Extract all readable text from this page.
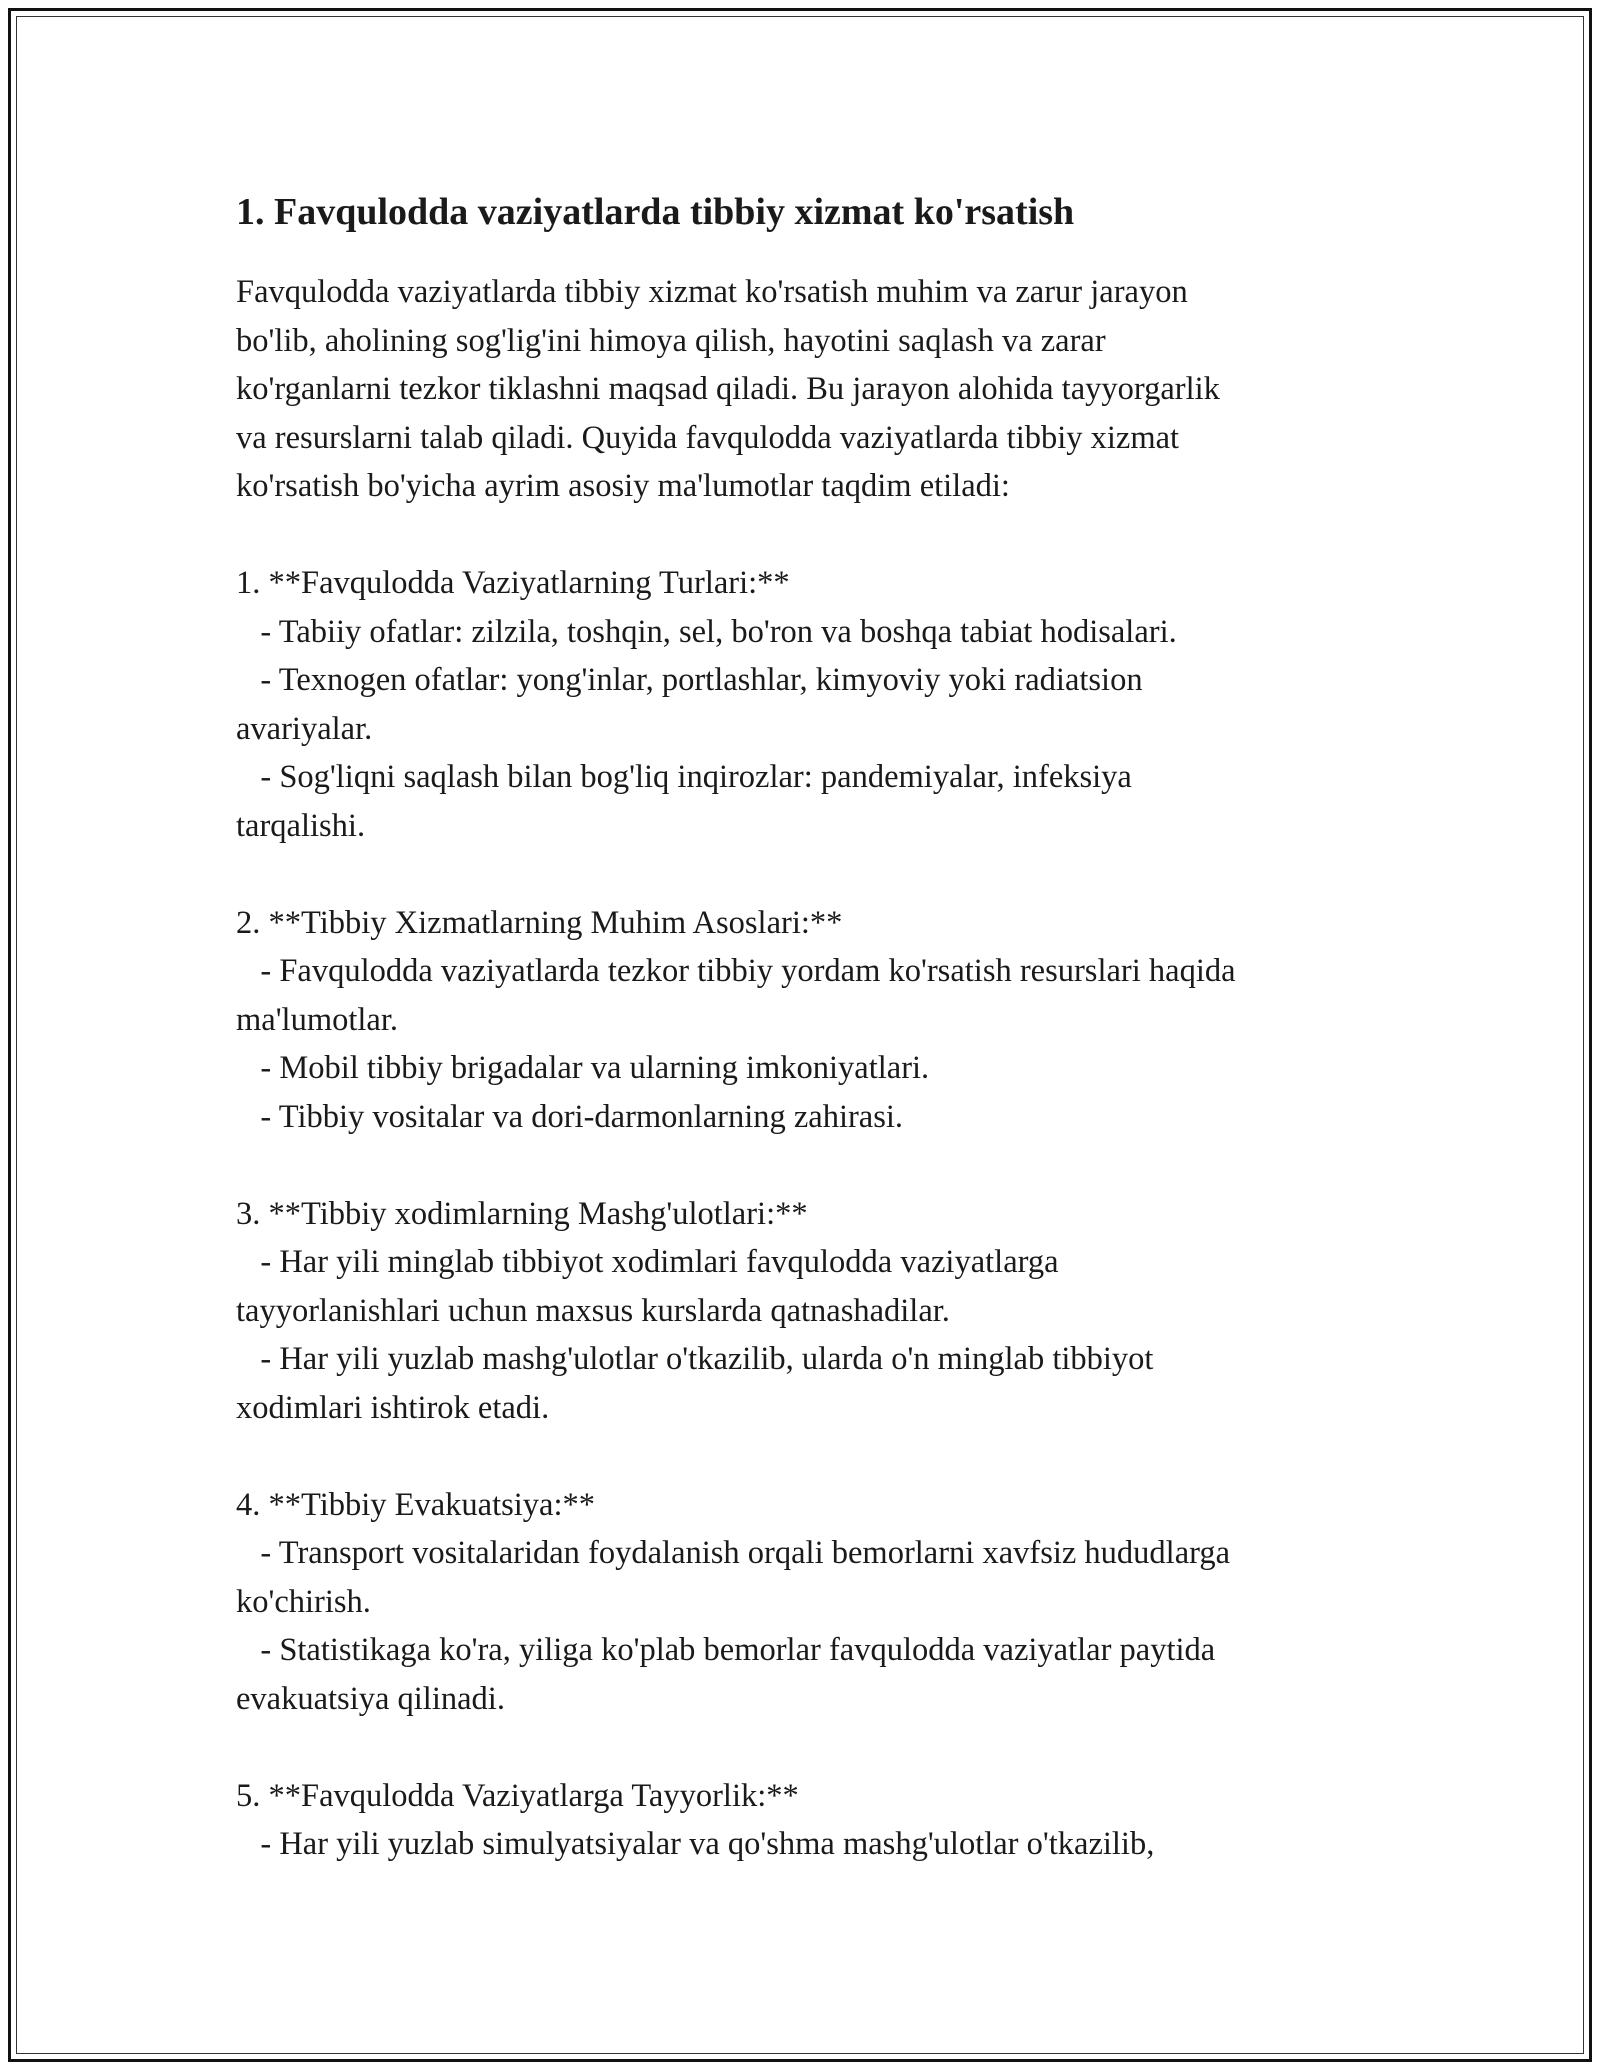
1. Favqulodda vaziyatlarda tibbiy xizmat ko'rsatish
Favqulodda vaziyatlarda tibbiy xizmat ko'rsatish muhim va zarur jarayon
bo'lib, aholining sog'lig'ini himoya qilish, hayotini saqlash va zarar
ko'rganlarni tezkor tiklashni maqsad qiladi. Bu jarayon alohida tayyorgarlik
va resurslarni talab qiladi. Quyida favqulodda vaziyatlarda tibbiy xizmat
ko'rsatish bo'yicha ayrim asosiy ma'lumotlar taqdim etiladi:

1. **Favqulodda Vaziyatlarning Turlari:**
- Tabiiy ofatlar: zilzila, toshqin, sel, bo'ron va boshqa tabiat hodisalari.
- Texnogen ofatlar: yong'inlar, portlashlar, kimyoviy yoki radiatsion
avariyalar.
- Sog'liqni saqlash bilan bog'liq inqirozlar: pandemiyalar, infeksiya
tarqalishi.

2. **Tibbiy Xizmatlarning Muhim Asoslari:**
- Favqulodda vaziyatlarda tezkor tibbiy yordam ko'rsatish resurslari haqida
ma'lumotlar.
- Mobil tibbiy brigadalar va ularning imkoniyatlari.
- Tibbiy vositalar va dori-darmonlarning zahirasi.

3. **Tibbiy xodimlarning Mashg'ulotlari:**
- Har yili minglab tibbiyot xodimlari favqulodda vaziyatlarga
tayyorlanishlari uchun maxsus kurslarda qatnashadilar.
- Har yili yuzlab mashg'ulotlar o'tkazilib, ularda o'n minglab tibbiyot
xodimlari ishtirok etadi.

4. **Tibbiy Evakuatsiya:**
- Transport vositalaridan foydalanish orqali bemorlarni xavfsiz hududlarga
ko'chirish.
- Statistikaga ko'ra, yiliga ko'plab bemorlar favqulodda vaziyatlar paytida
evakuatsiya qilinadi.

5. **Favqulodda Vaziyatlarga Tayyorlik:**
- Har yili yuzlab simulyatsiyalar va qo'shma mashg'ulotlar o'tkazilib,
